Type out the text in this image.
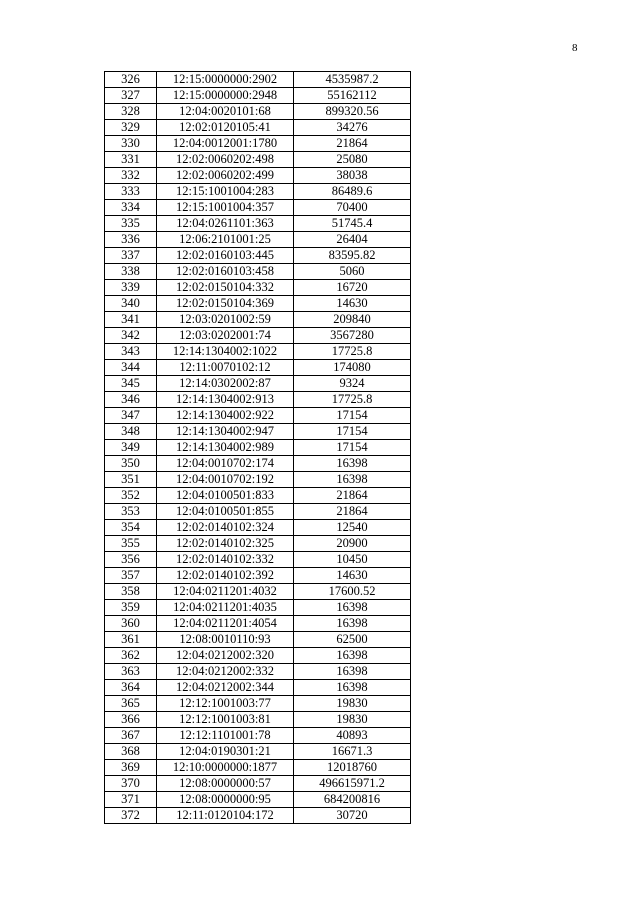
8
326	12:15:0000000:2902	4535987.2
327	12:15:0000000:2948	55162112
328	12:04:0020101:68	899320.56
329	12:02:0120105:41	34276
330	12:04:0012001:1780	21864
331	12:02:0060202:498	25080
332	12:02:0060202:499	38038
333	12:15:1001004:283	86489.6
334	12:15:1001004:357	70400
335	12:04:0261101:363	51745.4
336	12:06:2101001:25	26404
337	12:02:0160103:445	83595.82
338	12:02:0160103:458	5060
339	12:02:0150104:332	16720
340	12:02:0150104:369	14630
341	12:03:0201002:59	209840
342	12:03:0202001:74	3567280
343	12:14:1304002:1022	17725.8
344	12:11:0070102:12	174080
345	12:14:0302002:87	9324
346	12:14:1304002:913	17725.8
347	12:14:1304002:922	17154
348	12:14:1304002:947	17154
349	12:14:1304002:989	17154
350	12:04:0010702:174	16398
351	12:04:0010702:192	16398
352	12:04:0100501:833	21864
353	12:04:0100501:855	21864
354	12:02:0140102:324	12540
355	12:02:0140102:325	20900
356	12:02:0140102:332	10450
357	12:02:0140102:392	14630
358	12:04:0211201:4032	17600.52
359	12:04:0211201:4035	16398
360	12:04:0211201:4054	16398
361	12:08:0010110:93	62500
362	12:04:0212002:320	16398
363	12:04:0212002:332	16398
364	12:04:0212002:344	16398
365	12:12:1001003:77	19830
366	12:12:1001003:81	19830
367	12:12:1101001:78	40893
368	12:04:0190301:21	16671.3
369	12:10:0000000:1877	12018760
370	12:08:0000000:57	496615971.2
371	12:08:0000000:95	684200816
372	12:11:0120104:172	30720
